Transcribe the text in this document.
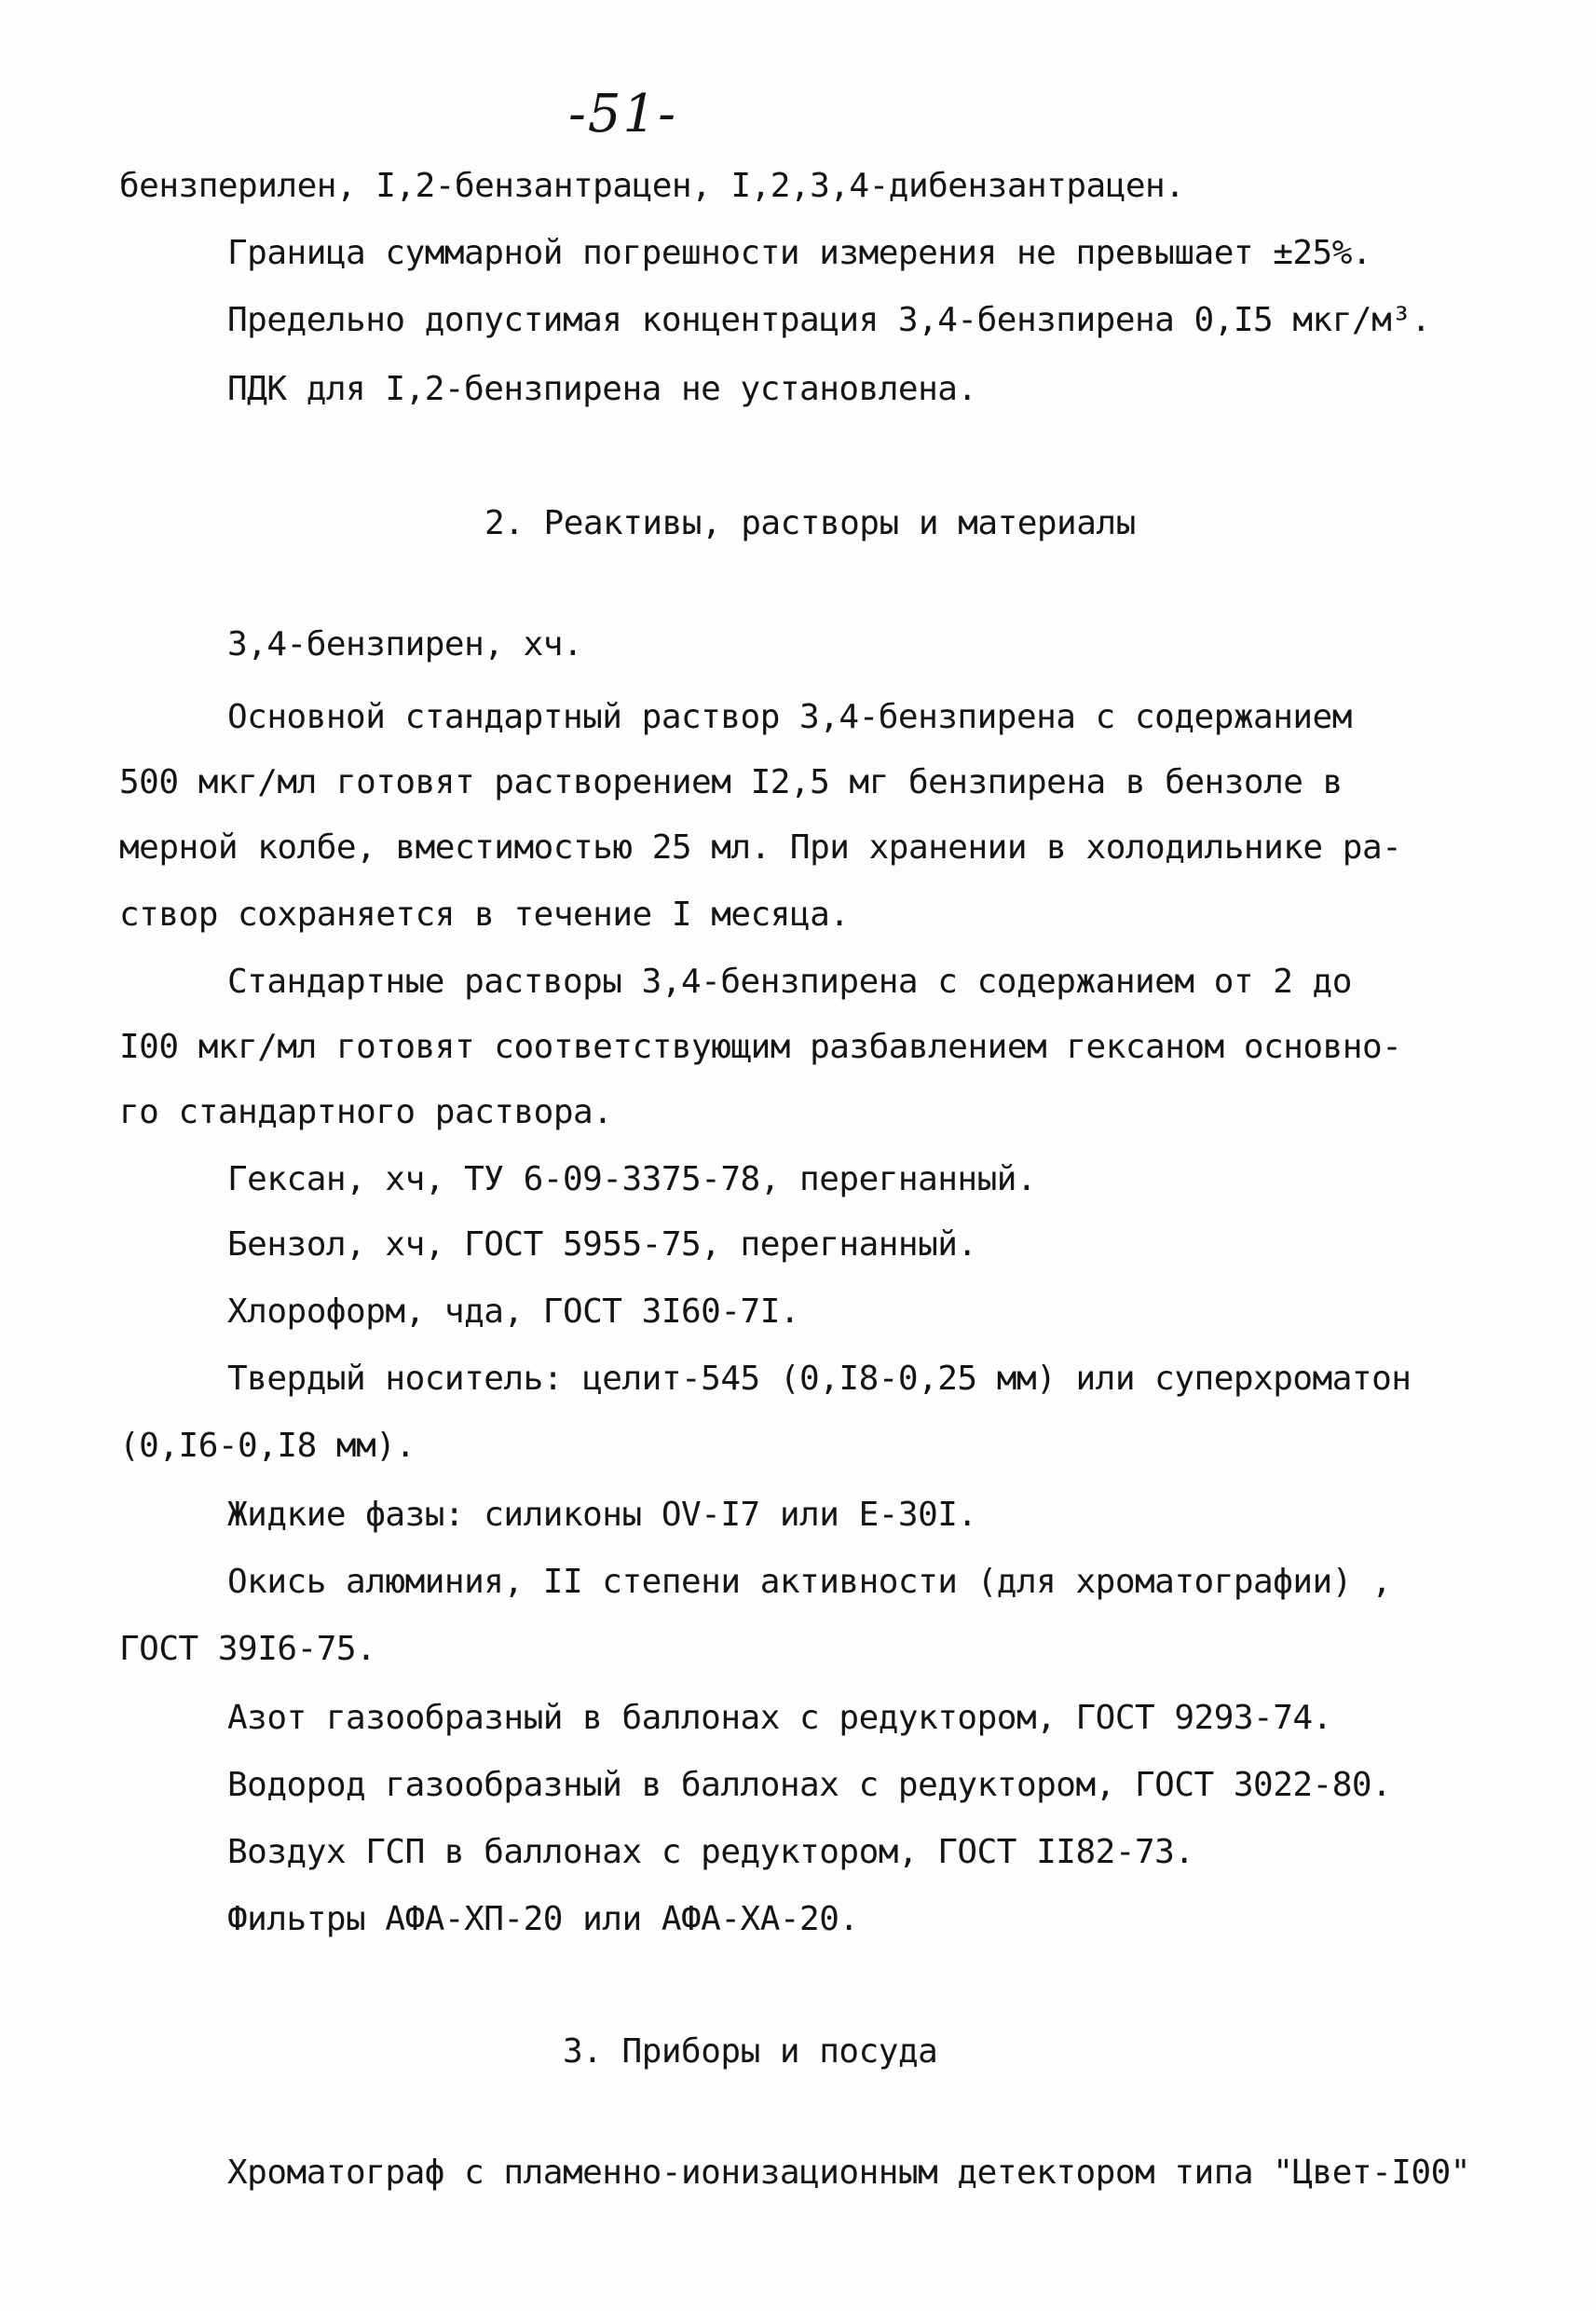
-51-
бензперилен, I,2-бензантрацен, I,2,3,4-дибензантрацен.
Граница суммарной погрешности измерения не превышает ±25%.
Предельно допустимая концентрация 3,4-бензпирена 0,I5 мкг/м³.
ПДК для I,2-бензпирена не установлена.
2. Реактивы, растворы и материалы
3,4-бензпирен, хч.
Основной стандартный раствор 3,4-бензпирена с содержанием
500 мкг/мл готовят растворением I2,5 мг бензпирена в бензоле в
мерной колбе, вместимостью 25 мл. При хранении в холодильнике ра-
створ сохраняется в течение I месяца.
Стандартные растворы 3,4-бензпирена с содержанием от 2 до
I00 мкг/мл готовят соответствующим разбавлением гексаном основно-
го стандартного раствора.
Гексан, хч, ТУ 6-09-3375-78, перегнанный.
Бензол, хч, ГОСТ 5955-75, перегнанный.
Хлороформ, чда, ГОСТ 3I60-7I.
Твердый носитель: целит-545 (0,I8-0,25 мм) или суперхроматон
(0,I6-0,I8 мм).
Жидкие фазы: силиконы ОV-I7 или Е-30I.
Окись алюминия, II степени активности (для хроматографии) ,
ГОСТ 39I6-75.
Азот газообразный в баллонах с редуктором, ГОСТ 9293-74.
Водород газообразный в баллонах с редуктором, ГОСТ 3022-80.
Воздух ГСП в баллонах с редуктором, ГОСТ II82-73.
Фильтры АФА-ХП-20 или АФА-ХА-20.
3. Приборы и посуда
Хроматограф с пламенно-ионизационным детектором типа "Цвет-I00"
